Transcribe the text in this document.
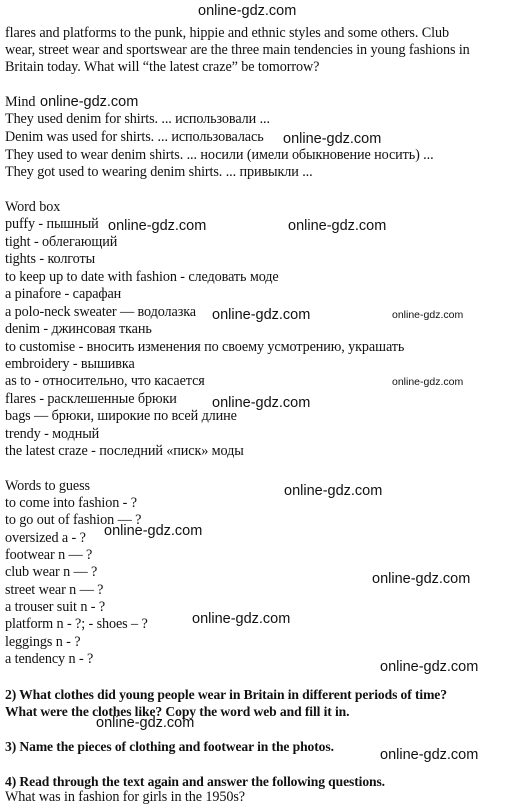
flares and platforms to the punk, hippie and ethnic styles and some others. Club
wear, street wear and sportswear are the three main tendencies in young fashions in
Britain today. What will “the latest craze” be tomorrow?
Mind
They used denim for shirts. ... использовали ...
Denim was used for shirts. ... использовалась
They used to wear denim shirts. ... носили (имели обыкновение носить) ...
They got used to wearing denim shirts. ... привыкли ...
Word box
puffy - пышный
tight - облегающий
tights - колготы
to keep up to date with fashion - следовать моде
a pinafore - сарафан
a polo-neck sweater — водолазка
denim - джинсовая ткань
to customise - вносить изменения по своему усмотрению, украшать
embroidery - вышивка
as to - относительно, что касается
flares - расклешенные брюки
bags — брюки, широкие по всей длине
trendy - модный
the latest craze - последний «писк» моды
Words to guess
to come into fashion - ?
to go out of fashion — ?
oversized a - ?
footwear n — ?
club wear n — ?
street wear n — ?
a trouser suit n - ?
platform n - ?; - shoes – ?
leggings n - ?
a tendency n - ?
2) What clothes did young people wear in Britain in different periods of time?
What were the clothes like? Copy the word web and fill it in.
3) Name the pieces of clothing and footwear in the photos.
4) Read through the text again and answer the following questions.
What was in fashion for girls in the 1950s?
online-gdz.com
online-gdz.com
online-gdz.com
online-gdz.com	online-gdz.com
online-gdz.com	online-gdz.com
online-gdz.com
online-gdz.com
online-gdz.com
online-gdz.com
online-gdz.com
online-gdz.com
online-gdz.com
online-gdz.com
online-gdz.com
